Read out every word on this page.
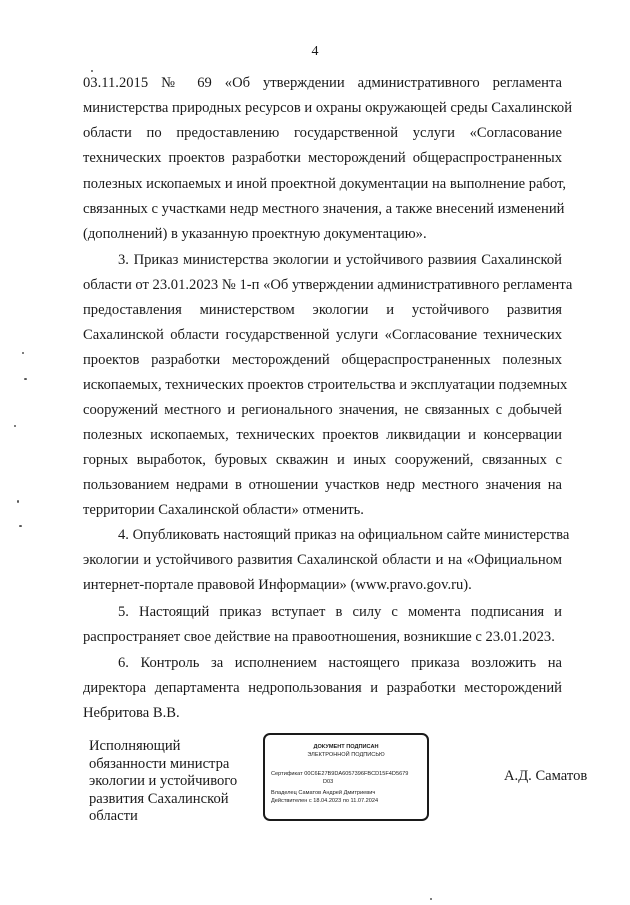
4
03.11.2015 № 69 «Об утверждении административного регламента
министерства природных ресурсов и охраны окружающей среды Сахалинской
области по предоставлению государственной услуги «Согласование
технических проектов разработки месторождений общераспространенных
полезных ископаемых и иной проектной документации на выполнение работ,
связанных с участками недр местного значения, а также внесений изменений
(дополнений) в указанную проектную документацию».
3. Приказ министерства экологии и устойчивого развиия Сахалинской
области от 23.01.2023 № 1-п «Об утверждении административного регламента
предоставления министерством экологии и устойчивого развития
Сахалинской области государственной услуги «Согласование технических
проектов разработки месторождений общераспространенных полезных
ископаемых, технических проектов строительства и эксплуатации подземных
сооружений местного и регионального значения, не связанных с добычей
полезных ископаемых, технических проектов ликвидации и консервации
горных выработок, буровых скважин и иных сооружений, связанных с
пользованием недрами в отношении участков недр местного значения на
территории Сахалинской области» отменить.
4. Опубликовать настоящий приказ на официальном сайте министерства
экологии и устойчивого развития Сахалинской области и на «Официальном
интернет-портале правовой Информации» (www.pravo.gov.ru).
5. Настоящий приказ вступает в силу с момента подписания и
распространяет свое действие на правоотношения, возникшие с 23.01.2023.
6. Контроль за исполнением настоящего приказа возложить на
директора департамента недропользования и разработки месторождений
Небритова В.В.
Исполняющий
обязанности министра
экологии и устойчивого
развития Сахалинской
области
ДОКУМЕНТ ПОДПИСАН
ЭЛЕКТРОННОЙ ПОДПИСЬЮ
Сертификат 00C6E27B9DA6057396FBCD15F4D5679
D03
Владелец Саматов Андрей Дмитриевич
Действителен с 18.04.2023 по 11.07.2024
А.Д. Саматов
